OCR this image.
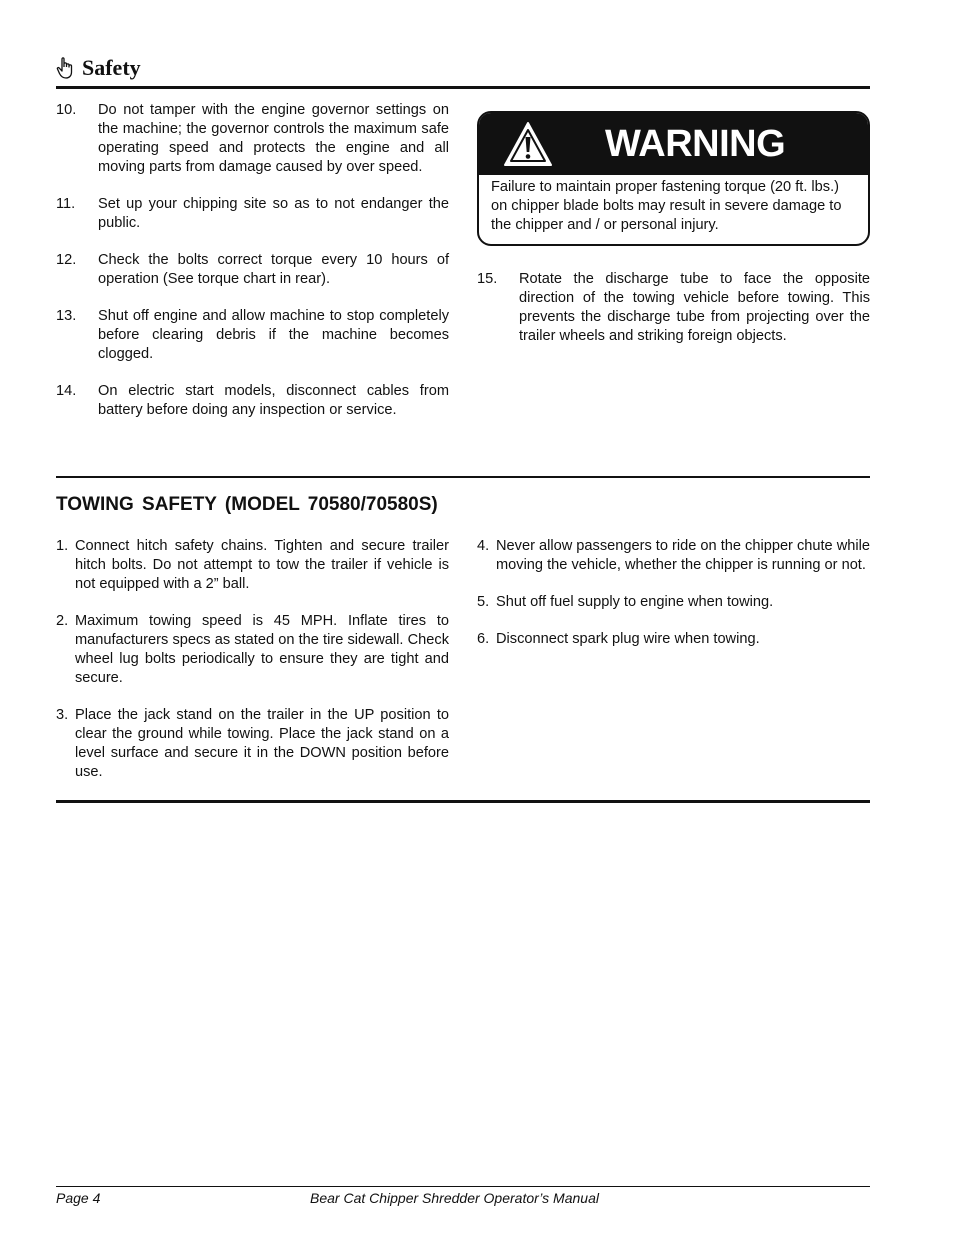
Safety
10.	Do not tamper with the engine governor settings on the machine; the governor controls the maximum safe operating speed and protects the engine and all moving parts from damage caused by over speed.
11.	Set up your chipping site so as to not endanger the public.
12.	Check the bolts correct torque every 10 hours of operation (See torque chart in rear).
13.	Shut off engine and allow machine to stop completely before clearing debris if the machine becomes clogged.
14.	On electric start models, disconnect cables from battery before doing any inspection or service.
WARNING
Failure to maintain proper fastening torque (20 ft. lbs.) on chipper blade bolts may result in severe damage to the chipper and / or personal injury.
15.	Rotate the discharge tube to face the opposite direction of the towing vehicle before towing. This prevents the discharge tube from projecting over the trailer wheels and striking foreign objects.
TOWING SAFETY (MODEL 70580/70580S)
1. Connect hitch safety chains. Tighten and secure trailer hitch bolts. Do not attempt to tow the trailer if vehicle is not equipped with a 2” ball.
2. Maximum towing speed is 45 MPH. Inflate tires to manufacturers specs as stated on the tire sidewall. Check wheel lug bolts periodically to ensure they are tight and secure.
3. Place the jack stand on the trailer in the UP position to clear the ground while towing. Place the jack stand on a level surface and secure it in the DOWN position before use.
4. Never allow passengers to ride on the chipper chute while moving the vehicle, whether the chipper is running or not.
5. Shut off fuel supply to engine when towing.
6. Disconnect spark plug wire when towing.
Page 4	Bear Cat Chipper Shredder Operator’s Manual
